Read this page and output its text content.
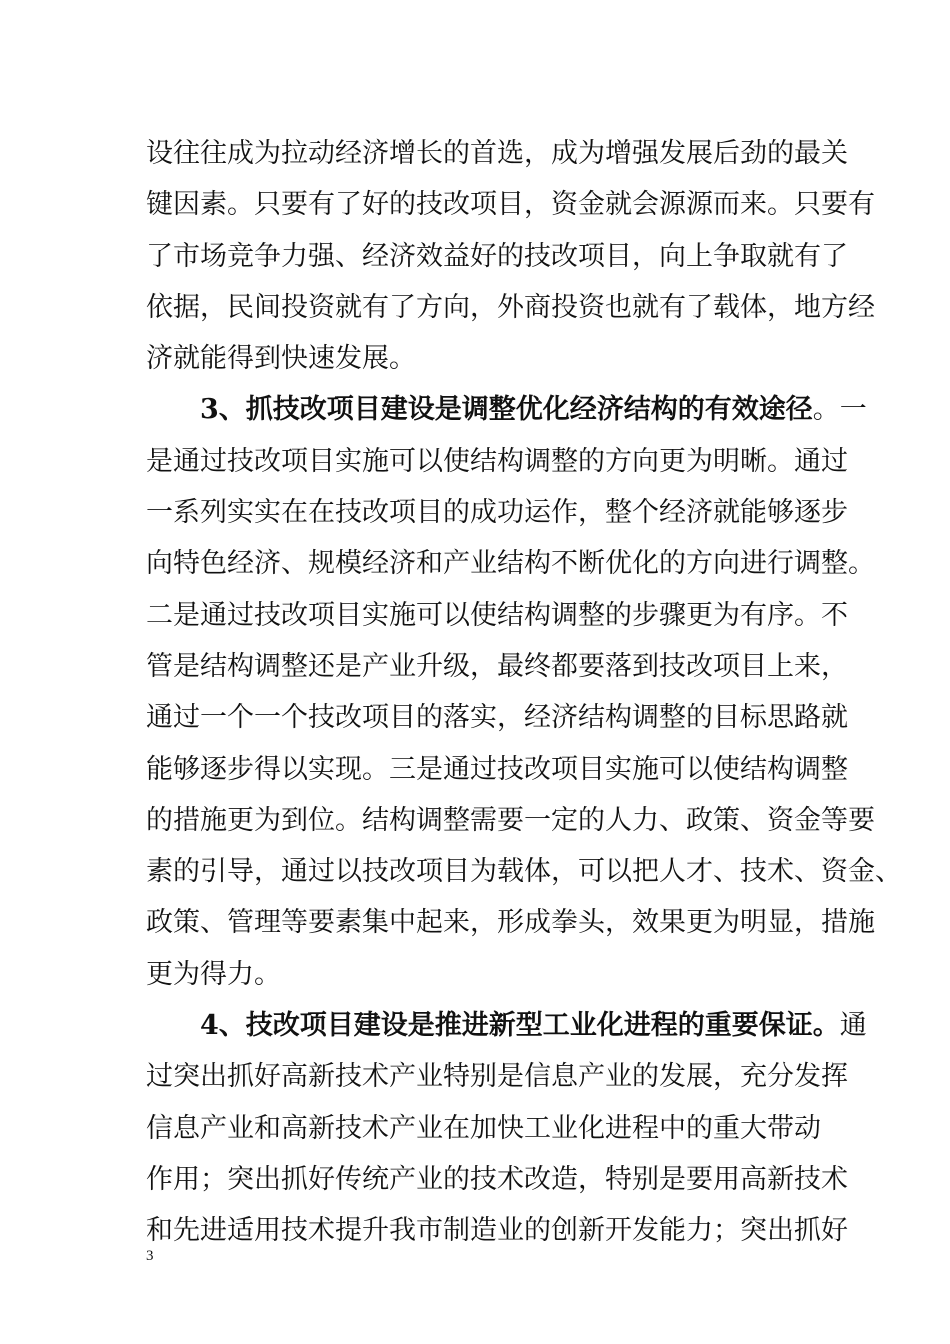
设往往成为拉动经济增长的首选，成为增强发展后劲的最关
键因素。只要有了好的技改项目，资金就会源源而来。只要有
了市场竞争力强、经济效益好的技改项目，向上争取就有了
依据，民间投资就有了方向，外商投资也就有了载体，地方经
济就能得到快速发展。
3、抓技改项目建设是调整优化经济结构的有效途径。一
是通过技改项目实施可以使结构调整的方向更为明晰。通过
一系列实实在在技改项目的成功运作，整个经济就能够逐步
向特色经济、规模经济和产业结构不断优化的方向进行调整。
二是通过技改项目实施可以使结构调整的步骤更为有序。不
管是结构调整还是产业升级，最终都要落到技改项目上来，
通过一个一个技改项目的落实，经济结构调整的目标思路就
能够逐步得以实现。三是通过技改项目实施可以使结构调整
的措施更为到位。结构调整需要一定的人力、政策、资金等要
素的引导，通过以技改项目为载体，可以把人才、技术、资金、
政策、管理等要素集中起来，形成拳头，效果更为明显，措施
更为得力。
4、技改项目建设是推进新型工业化进程的重要保证。通
过突出抓好高新技术产业特别是信息产业的发展，充分发挥
信息产业和高新技术产业在加快工业化进程中的重大带动
作用；突出抓好传统产业的技术改造，特别是要用高新技术
和先进适用技术提升我市制造业的创新开发能力；突出抓好
3
